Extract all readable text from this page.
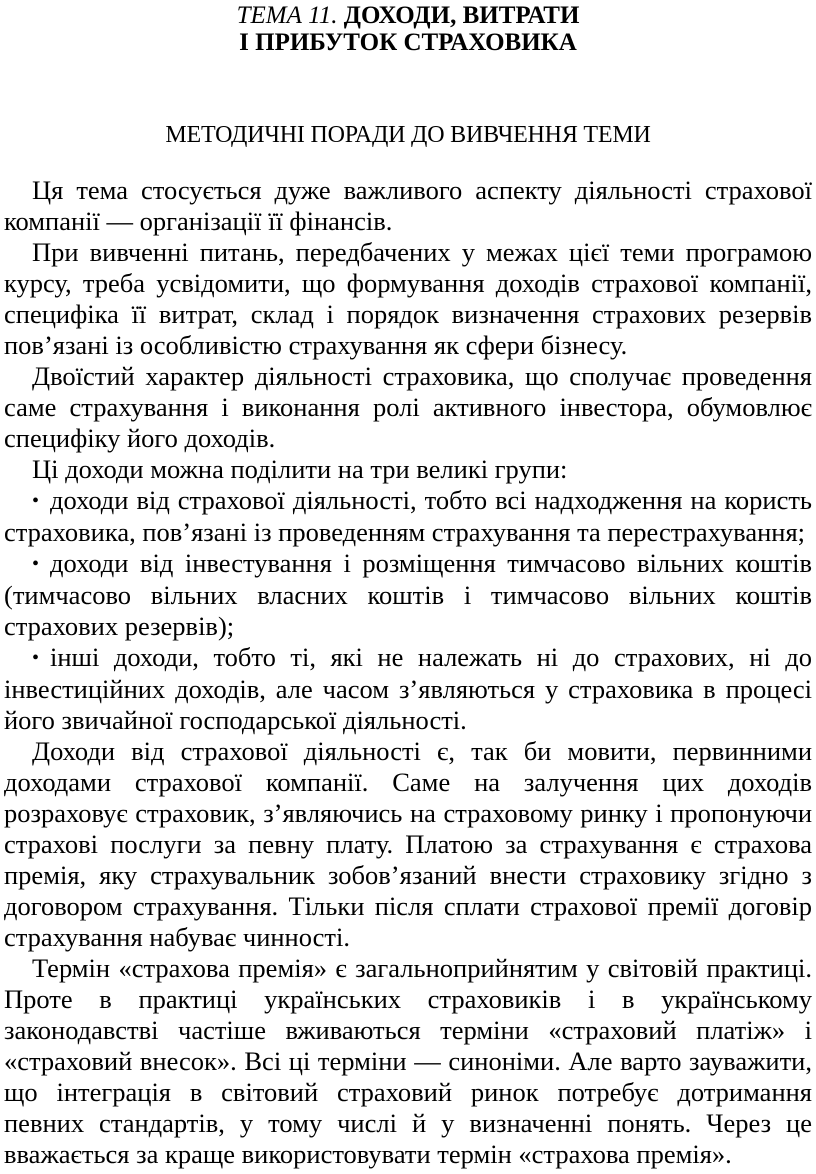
ТЕМА 11. ДОХОДИ, ВИТРАТИ
І ПРИБУТОК СТРАХОВИКА
МЕТОДИЧНІ ПОРАДИ ДО ВИВЧЕННЯ ТЕМИ

Ця тема стосується дуже важливого аспекту діяльності страхової компанії — організації її фінансів.

При вивченні питань, передбачених у межах цієї теми програмою курсу, треба усвідомити, що формування доходів страхової компанії, специфіка її витрат, склад і порядок визначення страхових резервів пов’язані із особливістю страхування як сфери бізнесу.

Двоїстий характер діяльності страховика, що сполучає проведення саме страхування і виконання ролі активного інвестора, обумовлює специфіку його доходів.

Ці доходи можна поділити на три великі групи:

• доходи від страхової діяльності, тобто всі надходження на користь страховика, пов’язані із проведенням страхування та перестрахування;

• доходи від інвестування і розміщення тимчасово вільних коштів (тимчасово вільних власних коштів і тимчасово вільних коштів страхових резервів);

• інші доходи, тобто ті, які не належать ні до страхових, ні до інвестиційних доходів, але часом з’являються у страховика в процесі його звичайної господарської діяльності.

Доходи від страхової діяльності є, так би мовити, первинними доходами страхової компанії. Саме на залучення цих доходів розраховує страховик, з’являючись на страховому ринку і пропонуючи страхові послуги за певну плату. Платою за страхування є страхова премія, яку страхувальник зобов’язаний внести страховику згідно з договором страхування. Тільки після сплати страхової премії договір страхування набуває чинності.

Термін «страхова премія» є загальноприйнятим у світовій практиці. Проте в практиці українських страховиків і в українському законодавстві частіше вживаються терміни «страховий платіж» і «страховий внесок». Всі ці терміни — синоніми. Але варто зауважити, що інтеграція в світовий страховий ринок потребує дотримання певних стандартів, у тому числі й у визначенні понять. Через це вважається за краще використовувати термін «страхова премія».
